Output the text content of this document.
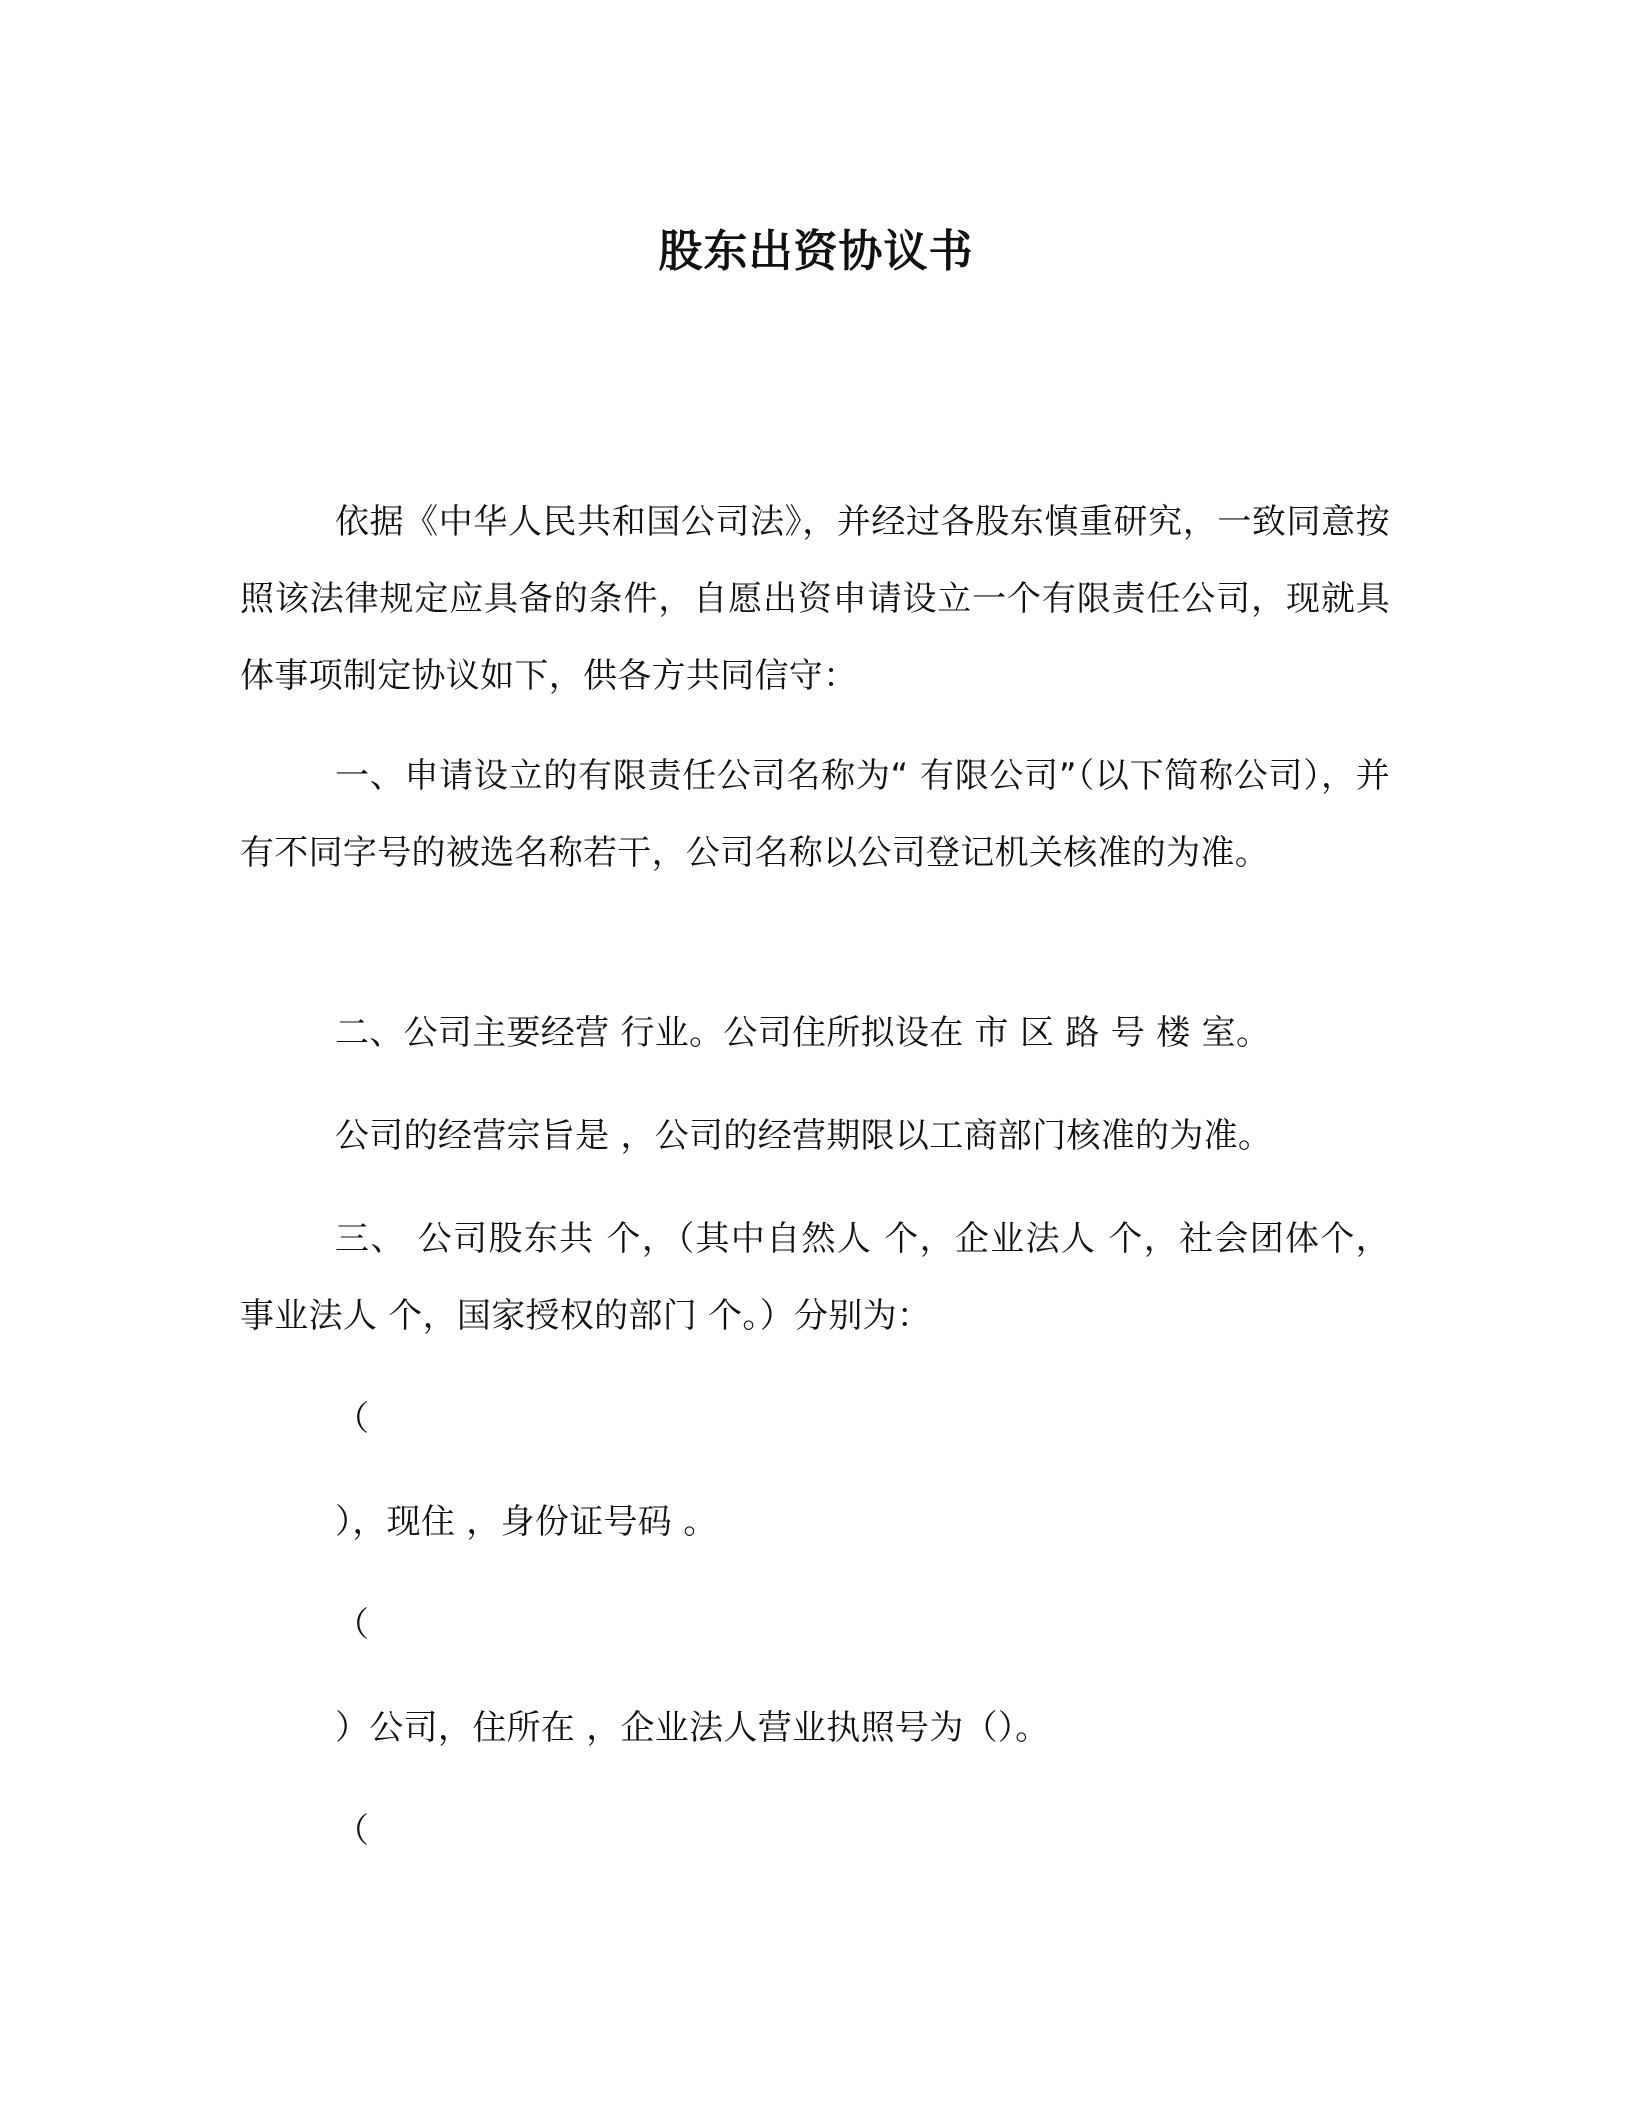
股东出资协议书

依据《中华人民共和国公司法》，并经过各股东慎重研究，一致同意按照该法律规定应具备的条件，自愿出资申请设立一个有限责任公司，现就具体事项制定协议如下，供各方共同信守：

一、申请设立的有限责任公司名称为“ 有限公司”（以下简称公司），并有不同字号的被选名称若干，公司名称以公司登记机关核准的为准。

二、公司主要经营 行业。公司住所拟设在 市 区 路 号 楼 室。

公司的经营宗旨是 ，公司的经营期限以工商部门核准的为准。

三、 公司股东共 个，（其中自然人 个，企业法人 个，社会团体个，事业法人 个，国家授权的部门 个。）分别为：

（
），现住 ，身份证号码 。
（
）公司，住所在 ，企业法人营业执照号为（）。
（
